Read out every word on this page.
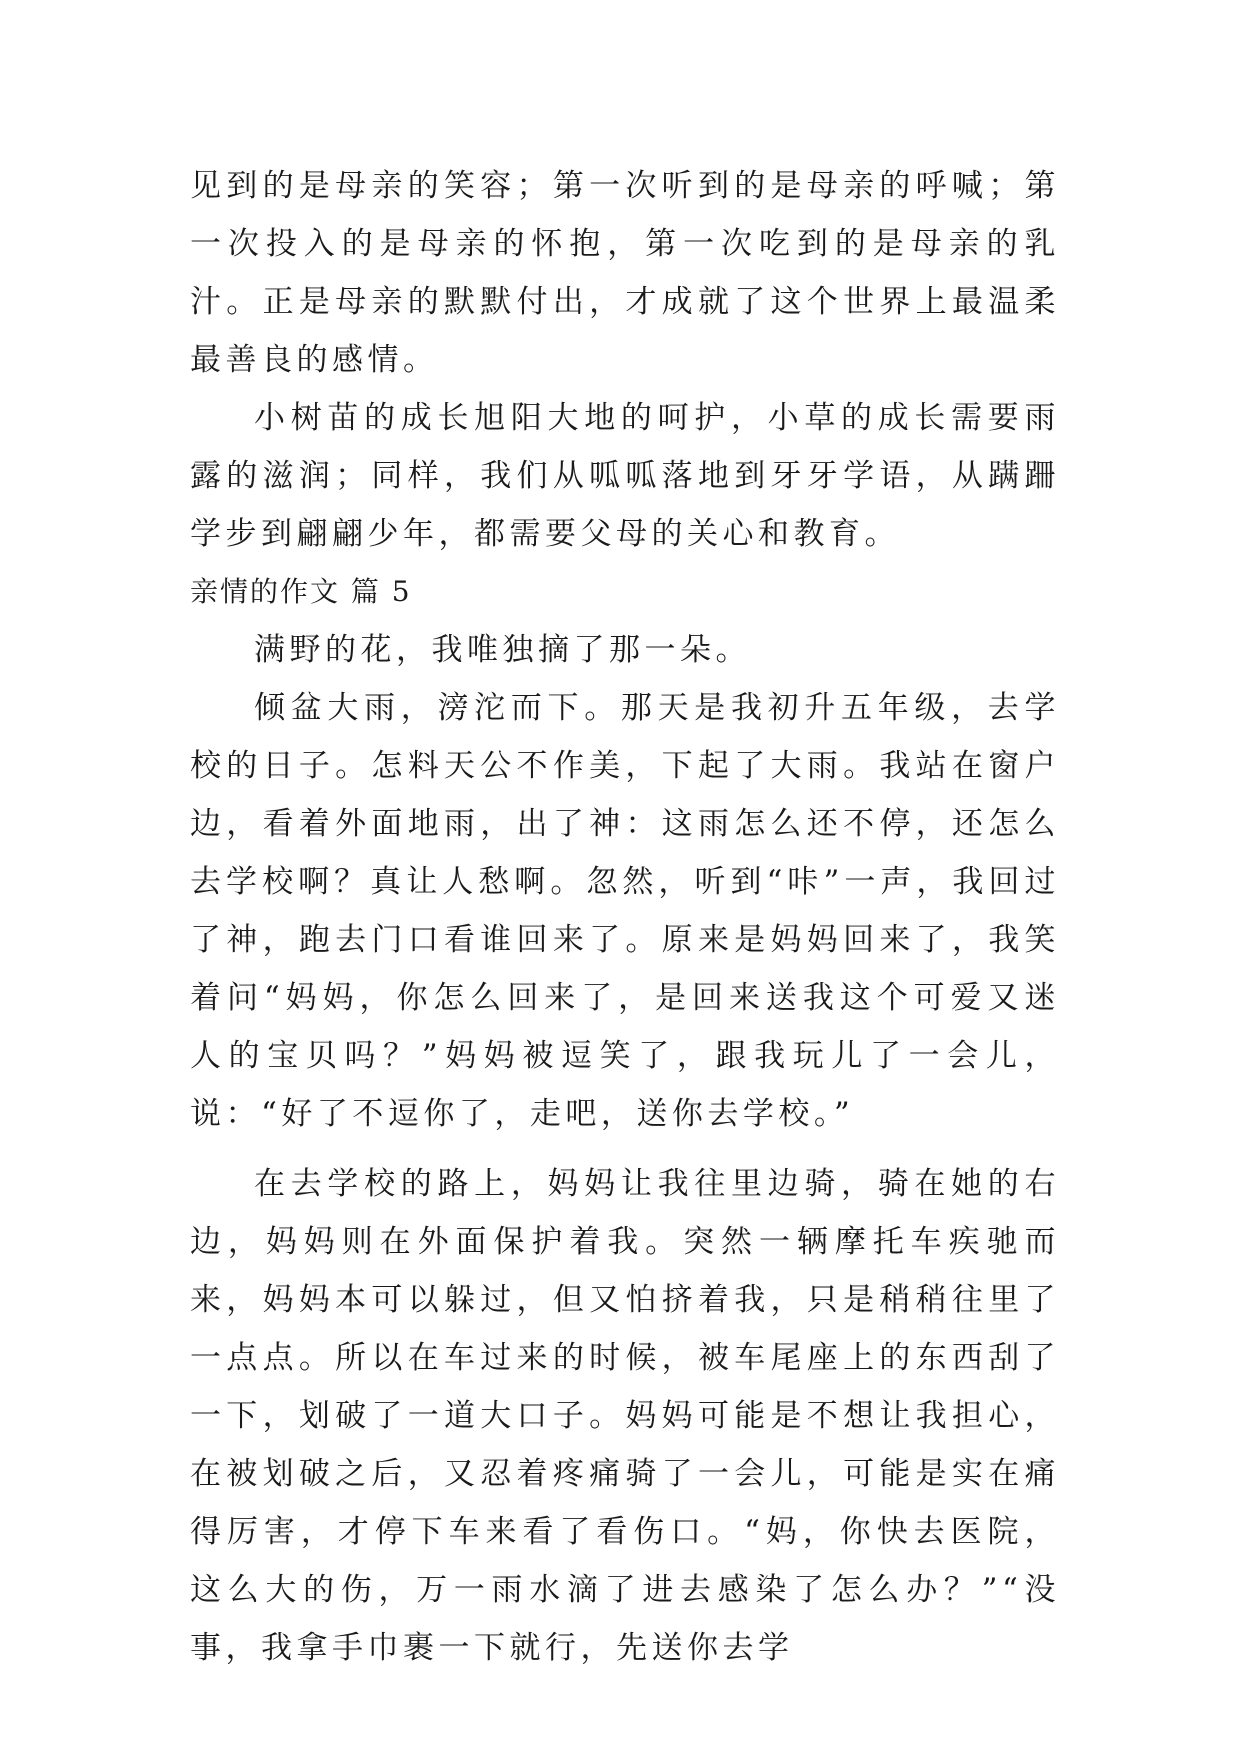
见到的是母亲的笑容；第一次听到的是母亲的呼喊；第一次投入的是母亲的怀抱，第一次吃到的是母亲的乳汁。正是母亲的默默付出，才成就了这个世界上最温柔最善良的感情。

小树苗的成长旭阳大地的呵护，小草的成长需要雨露的滋润；同样，我们从呱呱落地到牙牙学语，从蹒跚学步到翩翩少年，都需要父母的关心和教育。

亲情的作文 篇 5

满野的花，我唯独摘了那一朵。

倾盆大雨，滂沱而下。那天是我初升五年级，去学校的日子。怎料天公不作美，下起了大雨。我站在窗户边，看着外面地雨，出了神：这雨怎么还不停，还怎么去学校啊？真让人愁啊。忽然，听到“咔”一声，我回过了神，跑去门口看谁回来了。原来是妈妈回来了，我笑着问“妈妈，你怎么回来了，是回来送我这个可爱又迷人的宝贝吗？”妈妈被逗笑了，跟我玩儿了一会儿，说：“好了不逗你了，走吧，送你去学校。”

在去学校的路上，妈妈让我往里边骑，骑在她的右边，妈妈则在外面保护着我。突然一辆摩托车疾驰而来，妈妈本可以躲过，但又怕挤着我，只是稍稍往里了一点点。所以在车过来的时候，被车尾座上的东西刮了一下，划破了一道大口子。妈妈可能是不想让我担心，在被划破之后，又忍着疼痛骑了一会儿，可能是实在痛得厉害，才停下车来看了看伤口。“妈，你快去医院，这么大的伤，万一雨水滴了进去感染了怎么办？”“没事，我拿手巾裹一下就行，先送你去学
